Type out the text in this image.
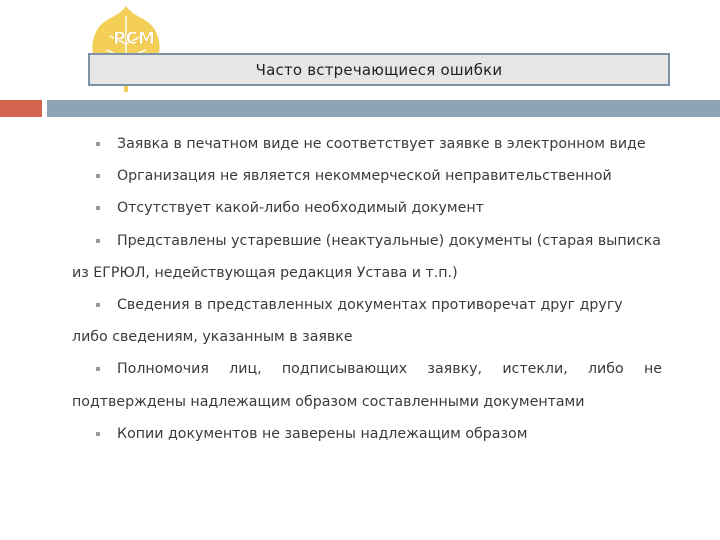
РСМ
Часто встречающиеся ошибки
Заявка в печатном виде не соответствует заявке в электронном виде
Организация не является некоммерческой неправительственной
Отсутствует какой-либо необходимый документ
Представлены устаревшие (неактуальные) документы (старая выписка из ЕГРЮЛ, недействующая редакция Устава и т.п.)
Сведения в представленных документах противоречат друг другу либо сведениям, указанным в заявке
Полномочия лиц, подписывающих заявку, истекли, либо не подтверждены надлежащим образом составленными документами
Копии документов не заверены надлежащим образом
